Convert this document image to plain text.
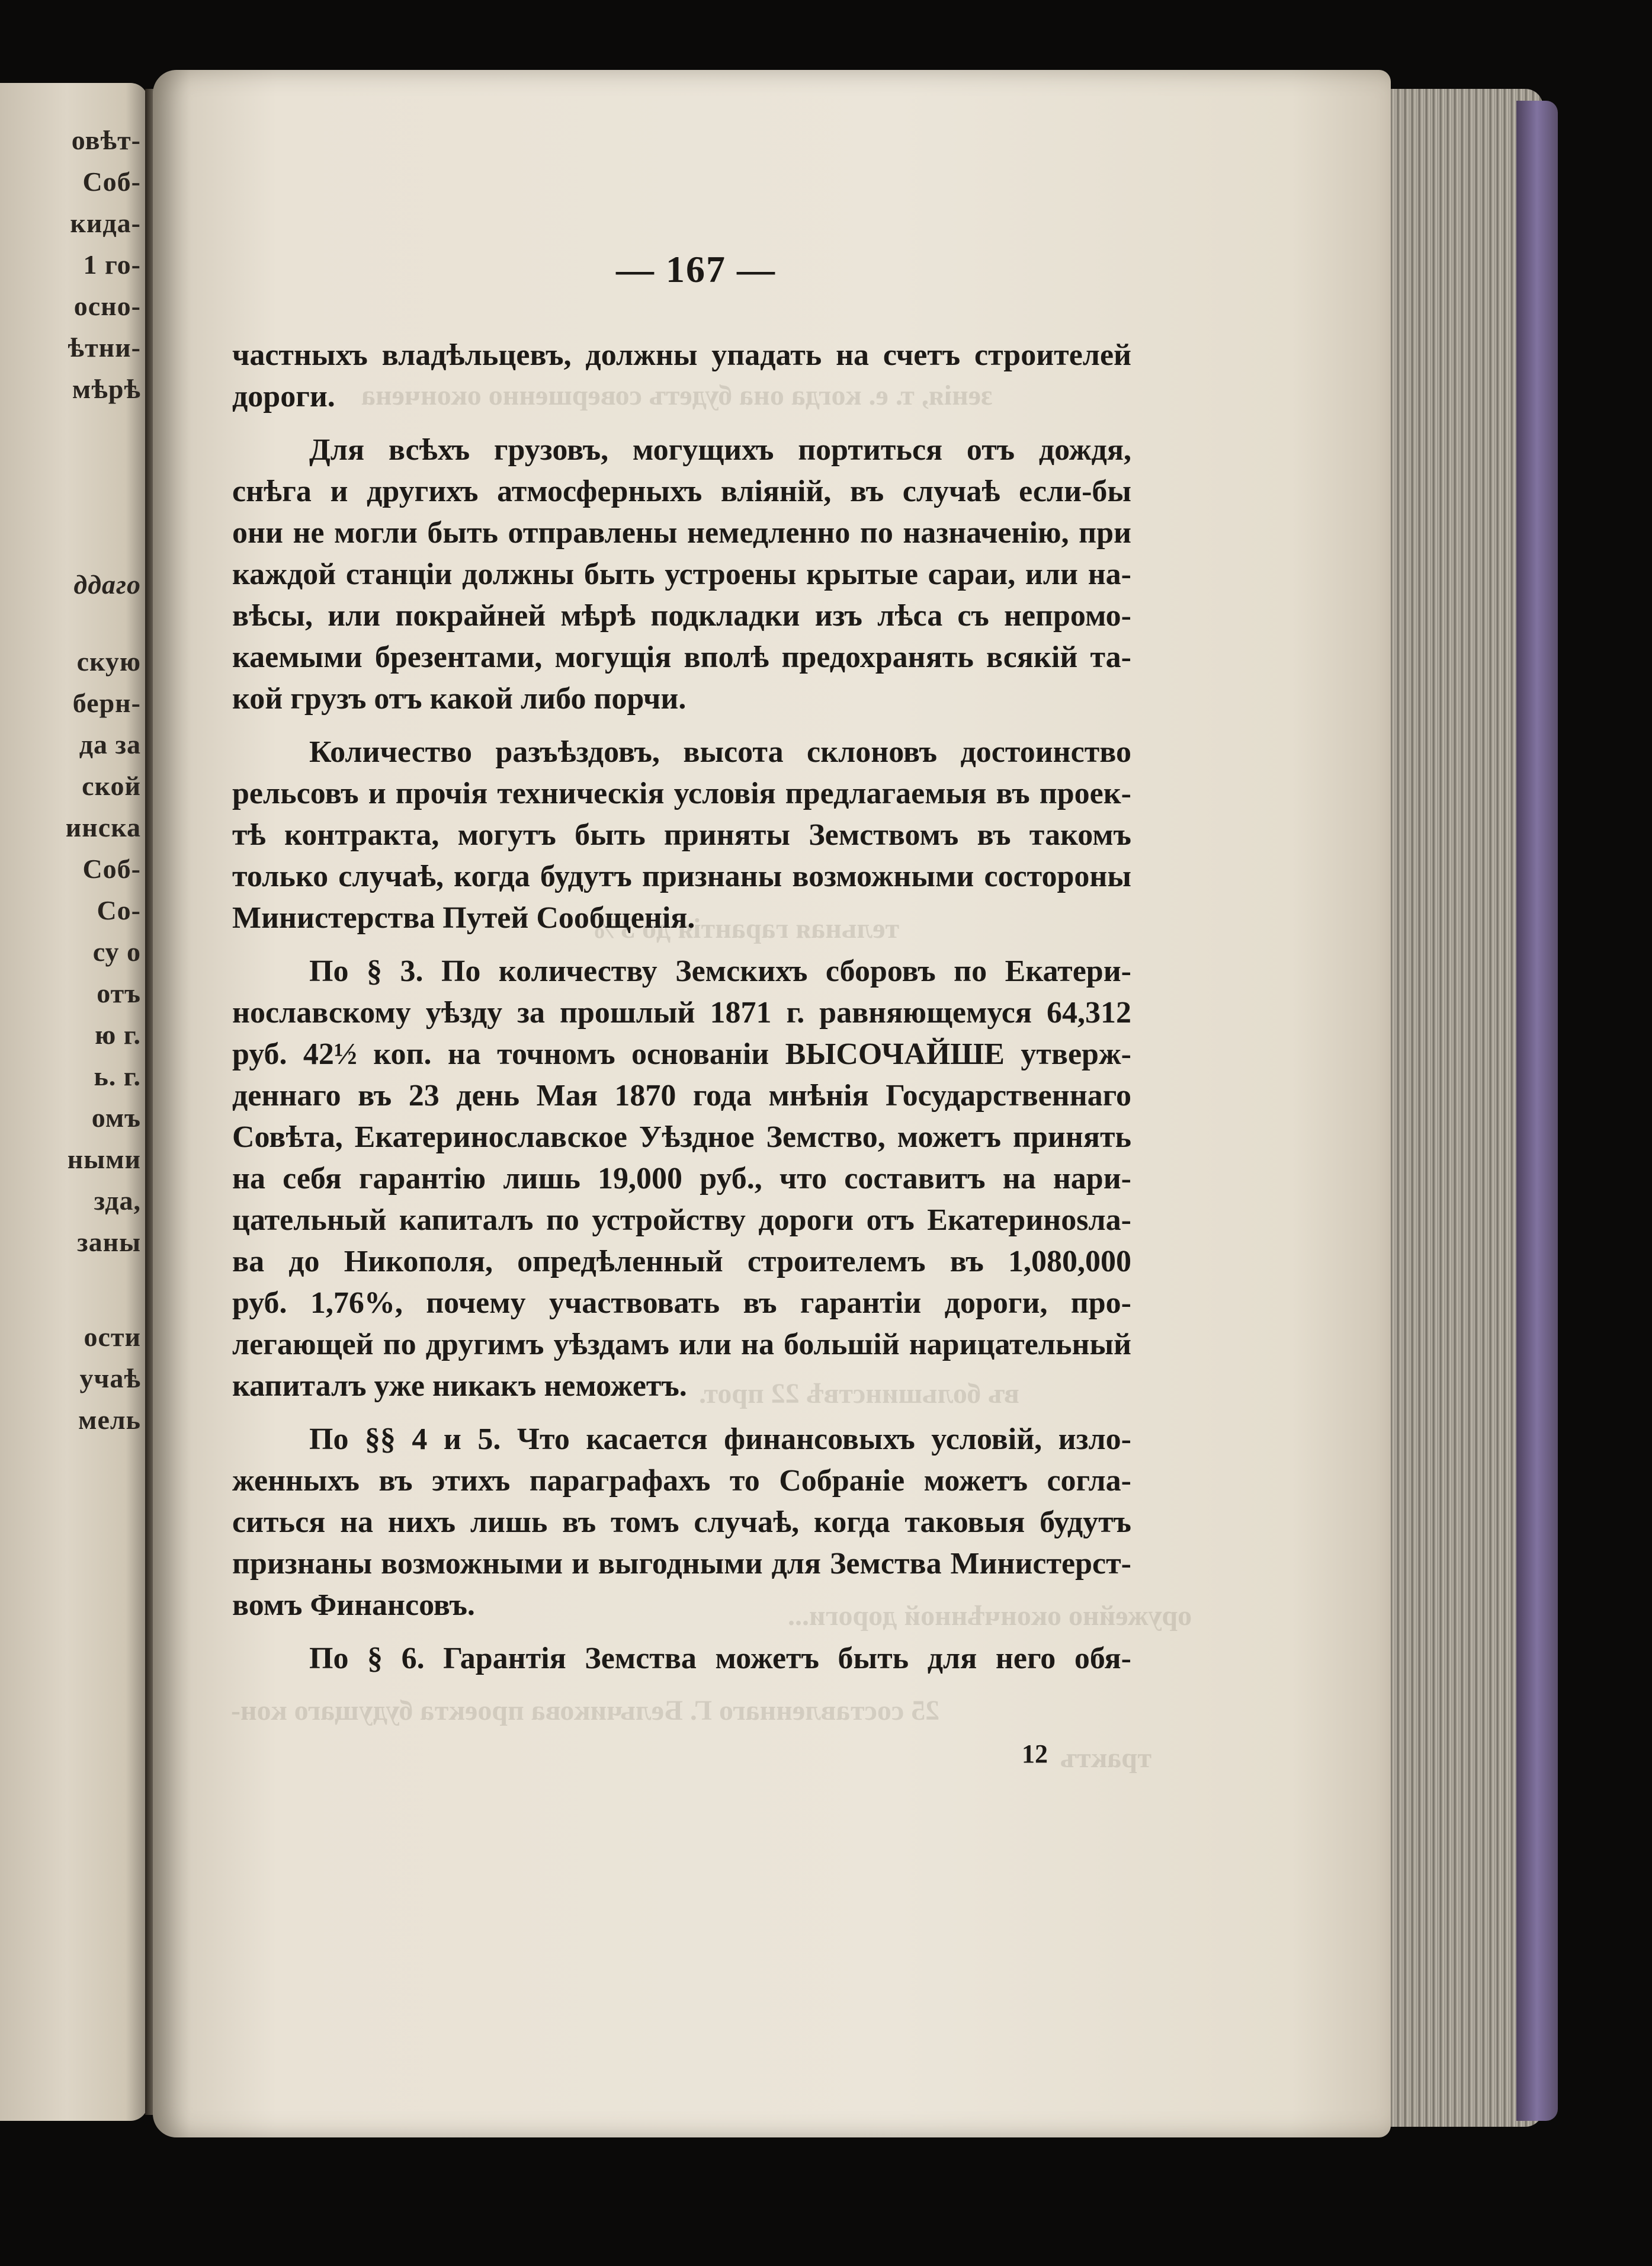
овѣт-
Соб-
кида-
1 го-
осно-
ѣтни-
мѣрѣ
ддаго
скую
берн-
да за
ской
инска
Соб-
Со-
су о
отъ
ю г.
ь. г.
омъ
ными
зда,
заны
ости
учаѣ
мель
зенія, т. е. когда она будетъ совершенно окончена
тельная гарантія до 3%
въ большинствѣ 22 прот.
оружейно окончѣнной дороги...
25 составленнаго Г. Бельчикова проекта будущаго кон-
трактъ
— 167 —
частныхъ владѣльцевъ, должны упадать на счетъ строителей
дороги.
Для всѣхъ грузовъ, могущихъ портиться отъ дождя,
снѣга и другихъ атмосферныхъ вліяній, въ случаѣ если-бы
они не могли быть отправлены немедленно по назначенію, при
каждой станціи должны быть устроены крытые сараи, или на-
вѣсы, или покрайней мѣрѣ подкладки изъ лѣса съ непромо-
каемыми брезентами, могущія вполѣ предохранять всякій та-
кой грузъ отъ какой либо порчи.
Количество разъѣздовъ, высота склоновъ достоинство
рельсовъ и прочія техническія условія предлагаемыя въ проек-
тѣ контракта, могутъ быть приняты Земствомъ въ такомъ
только случаѣ, когда будутъ признаны возможными состороны
Министерства Путей Сообщенія.
По § 3. По количеству Земскихъ сборовъ по Екатери-
нославскому уѣзду за прошлый 1871 г. равняющемуся 64,312
руб. 42½ коп. на точномъ основаніи ВЫСОЧАЙШЕ утверж-
деннаго въ 23 день Мая 1870 года мнѣнія Государственнаго
Совѣта, Екатеринославское Уѣздное Земство, можетъ принять
на себя гарантію лишь 19,000 руб., что составитъ на нари-
цательный капиталъ по устройству дороги отъ Екатеринosла-
ва до Никополя, опредѣленный строителемъ въ 1,080,000
руб. 1,76%, почему участвовать въ гарантіи дороги, про-
легающей по другимъ уѣздамъ или на большій нарицательный
капиталъ уже никакъ неможетъ.
По §§ 4 и 5. Что касается финансовыхъ условій, изло-
женныхъ въ этихъ параграфахъ то Собраніе можетъ согла-
ситься на нихъ лишь въ томъ случаѣ, когда таковыя будутъ
признаны возможными и выгодными для Земства Министерст-
вомъ Финансовъ.
По § 6. Гарантія Земства можетъ быть для него обя-
12
